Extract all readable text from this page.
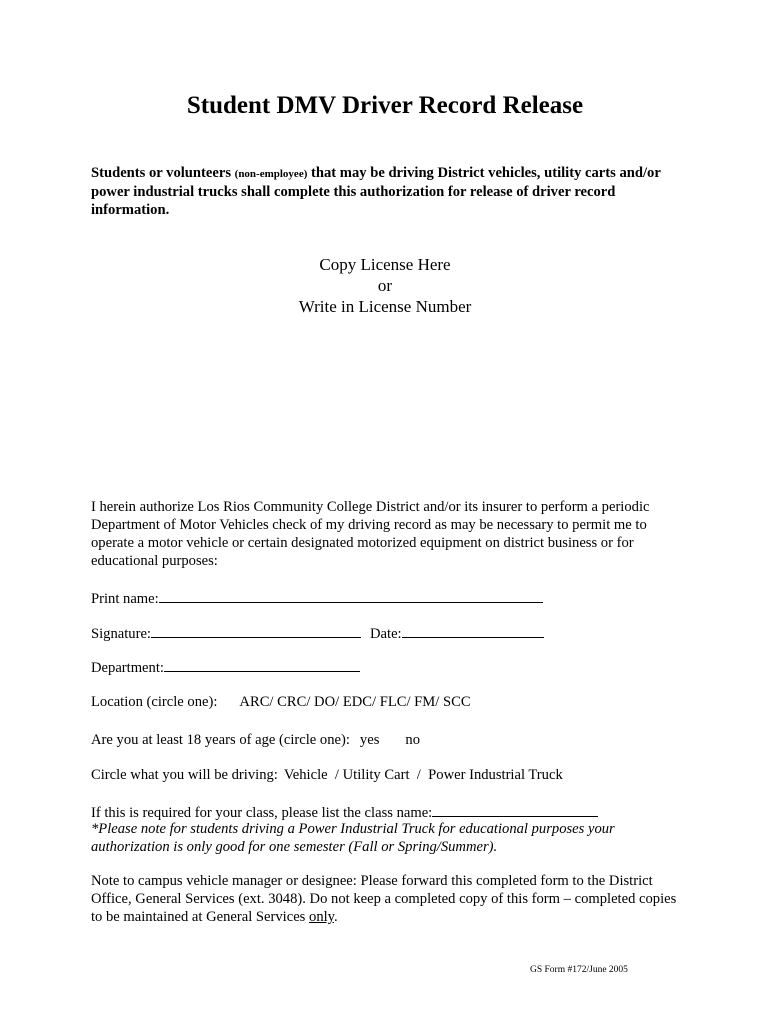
Student DMV Driver Record Release
Students or volunteers (non-employee) that may be driving District vehicles, utility carts and/or power industrial trucks shall complete this authorization for release of driver record information.
Copy License Here
or
Write in License Number
I herein authorize Los Rios Community College District and/or its insurer to perform a periodic Department of Motor Vehicles check of my driving record as may be necessary to permit me to operate a motor vehicle or certain designated motorized equipment on district business or for educational purposes:
Print name:
Signature:	Date:
Department:
Location (circle one): ARC/ CRC/ DO/ EDC/ FLC/ FM/ SCC
Are you at least 18 years of age (circle one): yes no
Circle what you will be driving: Vehicle  / Utility Cart  /  Power Industrial Truck
If this is required for your class, please list the class name:
*Please note for students driving a Power Industrial Truck for educational purposes your authorization is only good for one semester (Fall or Spring/Summer).
Note to campus vehicle manager or designee: Please forward this completed form to the District Office, General Services (ext. 3048). Do not keep a completed copy of this form – completed copies to be maintained at General Services only.
GS Form #172/June 2005
